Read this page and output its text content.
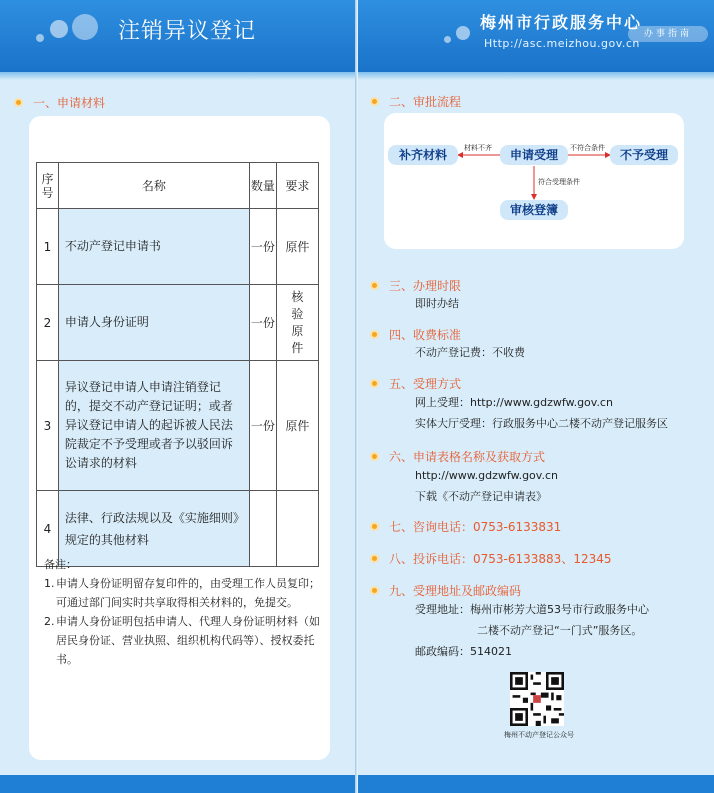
注销异议登记
一、申请材料
序号	名称	数量	要求
1	不动产登记申请书	一份	原件
2	申请人身份证明	一份	核验原件
3	异议登记申请人申请注销登记的，提交不动产登记证明；或者异议登记申请人的起诉被人民法院裁定不予受理或者予以驳回诉讼请求的材料	一份	原件
4	法律、行政法规以及《实施细则》规定的其他材料		
备注：
1. 申请人身份证明留存复印件的，由受理工作人员复印；可通过部门间实时共享取得相关材料的，免提交。
2. 申请人身份证明包括申请人、代理人身份证明材料（如居民身份证、营业执照、组织机构代码等）、授权委托书。
梅州市行政服务中心
Http://asc.meizhou.gov.cn
办事指南
二、审批流程
补齐材料	申请受理	不予受理
审核登簿
材料不齐	不符合条件
符合受理条件
三、办理时限
即时办结
四、收费标准
不动产登记费：不收费
五、受理方式
网上受理：http://www.gdzwfw.gov.cn
实体大厅受理：行政服务中心二楼不动产登记服务区
六、申请表格名称及获取方式
http://www.gdzwfw.gov.cn
下载《不动产登记申请表》
七、咨询电话：0753-6133831
八、投诉电话：0753-6133883、12345
九、受理地址及邮政编码
受理地址：梅州市彬芳大道53号市行政服务中心
二楼不动产登记“一门式”服务区。
邮政编码：514021
梅州不动产登记公众号
